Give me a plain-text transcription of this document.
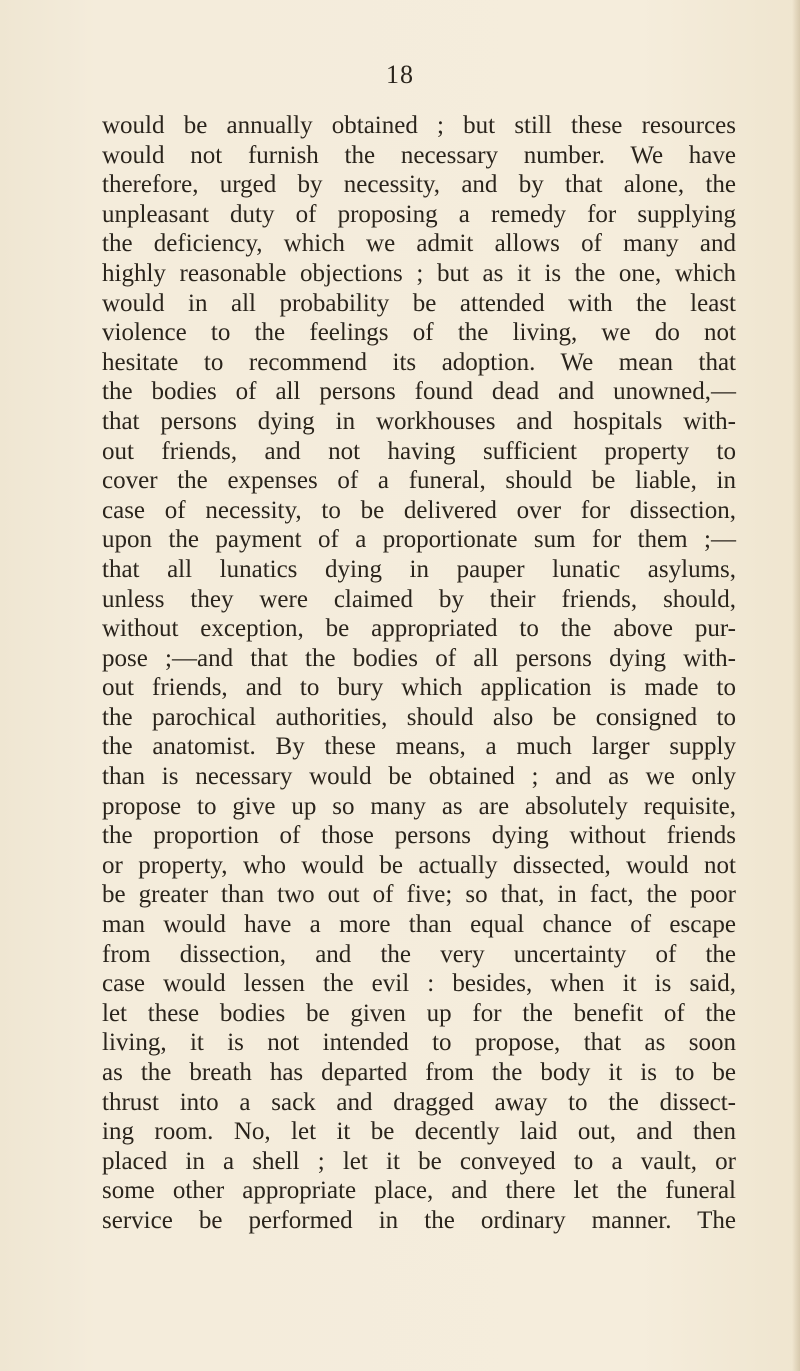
18
would be annually obtained ; but still these resources
would not furnish the necessary number. We have
therefore, urged by necessity, and by that alone, the
unpleasant duty of proposing a remedy for supplying
the deficiency, which we admit allows of many and
highly reasonable objections ; but as it is the one, which
would in all probability be attended with the least
violence to the feelings of the living, we do not
hesitate to recommend its adoption. We mean that
the bodies of all persons found dead and unowned,—
that persons dying in workhouses and hospitals with-
out friends, and not having sufficient property to
cover the expenses of a funeral, should be liable, in
case of necessity, to be delivered over for dissection,
upon the payment of a proportionate sum for them ;—
that all lunatics dying in pauper lunatic asylums,
unless they were claimed by their friends, should,
without exception, be appropriated to the above pur-
pose ;—and that the bodies of all persons dying with-
out friends, and to bury which application is made to
the parochical authorities, should also be consigned to
the anatomist. By these means, a much larger supply
than is necessary would be obtained ; and as we only
propose to give up so many as are absolutely requisite,
the proportion of those persons dying without friends
or property, who would be actually dissected, would not
be greater than two out of five; so that, in fact, the poor
man would have a more than equal chance of escape
from dissection, and the very uncertainty of the
case would lessen the evil : besides, when it is said,
let these bodies be given up for the benefit of the
living, it is not intended to propose, that as soon
as the breath has departed from the body it is to be
thrust into a sack and dragged away to the dissect-
ing room. No, let it be decently laid out, and then
placed in a shell ; let it be conveyed to a vault, or
some other appropriate place, and there let the funeral
service be performed in the ordinary manner. The
